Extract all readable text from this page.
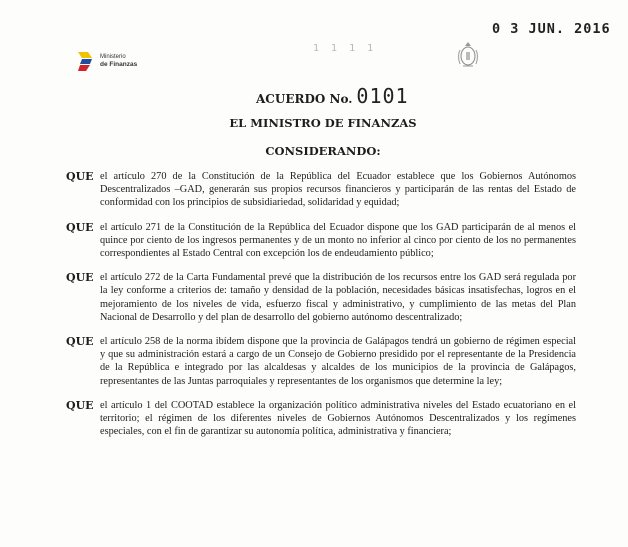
0 3 JUN. 2016
1 1 1 1
Ministerio
de Finanzas
ACUERDO No. 0101
EL MINISTRO DE FINANZAS
CONSIDERANDO:
QUE el artículo 270 de la Constitución de la República del Ecuador establece que los Gobiernos Autónomos Descentralizados –GAD, generarán sus propios recursos financieros y participarán de las rentas del Estado de conformidad con los principios de subsidiariedad, solidaridad y equidad;
QUE el artículo 271 de la Constitución de la República del Ecuador dispone que los GAD participarán de al menos el quince por ciento de los ingresos permanentes y de un monto no inferior al cinco por ciento de los no permanentes correspondientes al Estado Central con excepción los de endeudamiento público;
QUE el artículo 272 de la Carta Fundamental prevé que la distribución de los recursos entre los GAD será regulada por la ley conforme a criterios de: tamaño y densidad de la población, necesidades básicas insatisfechas, logros en el mejoramiento de los niveles de vida, esfuerzo fiscal y administrativo, y cumplimiento de las metas del Plan Nacional de Desarrollo y del plan de desarrollo del gobierno autónomo descentralizado;
QUE el artículo 258 de la norma ibídem dispone que la provincia de Galápagos tendrá un gobierno de régimen especial y que su administración estará a cargo de un Consejo de Gobierno presidido por el representante de la Presidencia de la República e integrado por las alcaldesas y alcaldes de los municipios de la provincia de Galápagos, representantes de las Juntas parroquiales y representantes de los organismos que determine la ley;
QUE el artículo 1 del COOTAD establece la organización político administrativa niveles del Estado ecuatoriano en el territorio; el régimen de los diferentes niveles de Gobiernos Autónomos Descentralizados y los regímenes especiales, con el fin de garantizar su autonomía política, administrativa y financiera;
